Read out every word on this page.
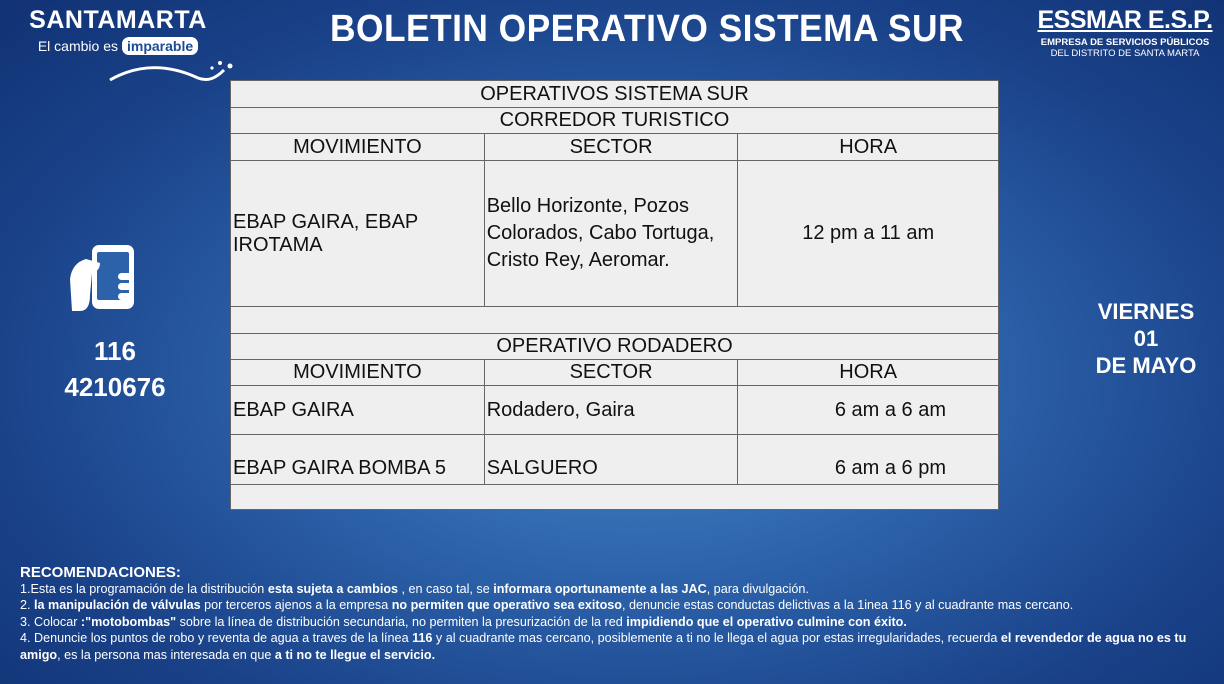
SANTAMARTA
El cambio es imparable	BOLETIN OPERATIVO SISTEMA SUR	ESSMAR E.S.P.
EMPRESA DE SERVICIOS PÚBLICOS
DEL DISTRITO DE SANTA MARTA
116
4210676
VIERNES
01
DE MAYO
OPERATIVOS SISTEMA SUR		
CORREDOR TURISTICO		
MOVIMIENTO	SECTOR	HORA
EBAP GAIRA, EBAP IROTAMA	Bello Horizonte, Pozos Colorados, Cabo Tortuga, Cristo Rey, Aeromar.	12 pm a 11 am

OPERATIVO RODADERO		
MOVIMIENTO	SECTOR	HORA
EBAP GAIRA	Rodadero, Gaira	6 am a 6 am
EBAP GAIRA BOMBA 5	SALGUERO	6 am a 6 pm

RECOMENDACIONES:

1.Esta es la programación de la distribución esta sujeta a cambios , en caso tal, se informara oportunamente a las JAC, para divulgación.

2. la manipulación de válvulas por terceros ajenos a la empresa no permiten que operativo sea exitoso, denuncie estas conductas delictivas a la 1inea 116 y al cuadrante mas cercano.

3. Colocar :"motobombas" sobre la línea de distribución secundaria, no permiten la presurización de la red impidiendo que el operativo culmine con éxito.

4. Denuncie los puntos de robo y reventa de agua a traves de la línea 116 y al cuadrante mas cercano, posiblemente a ti no le llega el agua por estas irregularidades, recuerda el revendedor de agua no es tu amigo, es la persona mas interesada en que a ti no te llegue el servicio.
